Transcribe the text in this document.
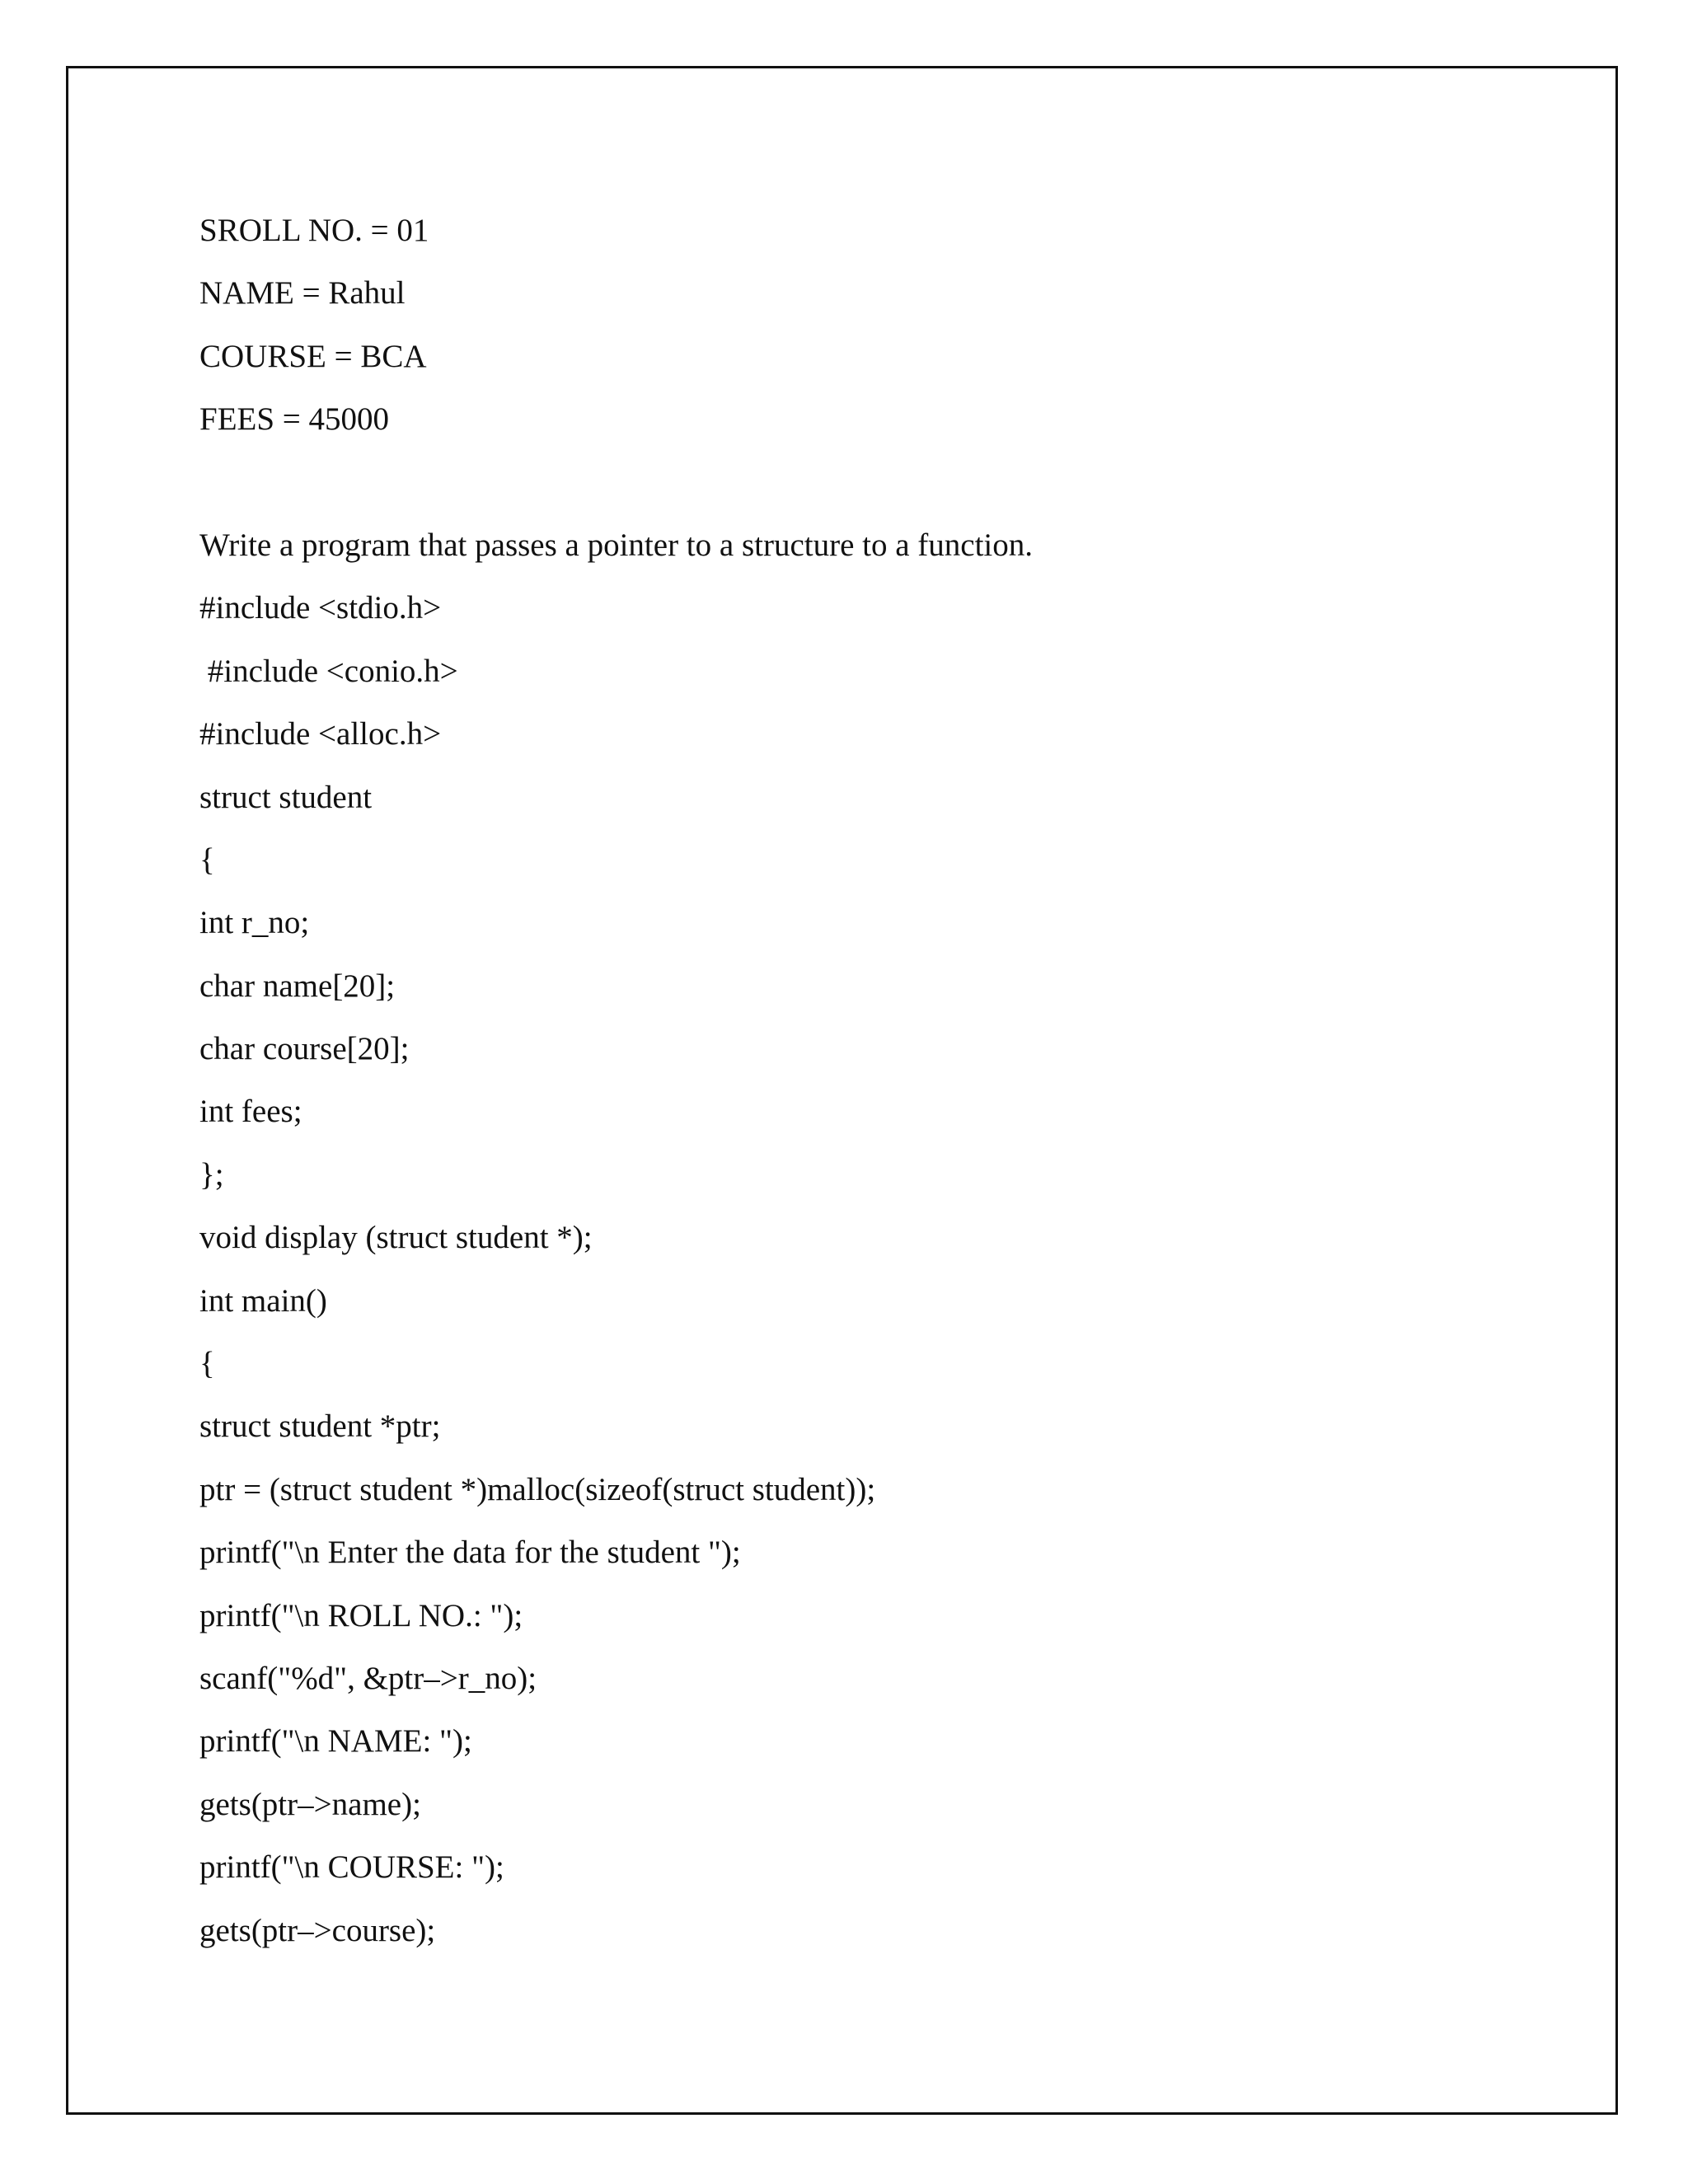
SROLL NO. = 01
NAME = Rahul
COURSE = BCA
FEES = 45000
Write a program that passes a pointer to a structure to a function.
#include <stdio.h>
#include <conio.h>
#include <alloc.h>
struct student
{
int r_no;
char name[20];
char course[20];
int fees;
};
void display (struct student *);
int main()
{
struct student *ptr;
ptr = (struct student *)malloc(sizeof(struct student));
printf("\n Enter the data for the student ");
printf("\n ROLL NO.: ");
scanf("%d", &ptr–>r_no);
printf("\n NAME: ");
gets(ptr–>name);
printf("\n COURSE: ");
gets(ptr–>course);
